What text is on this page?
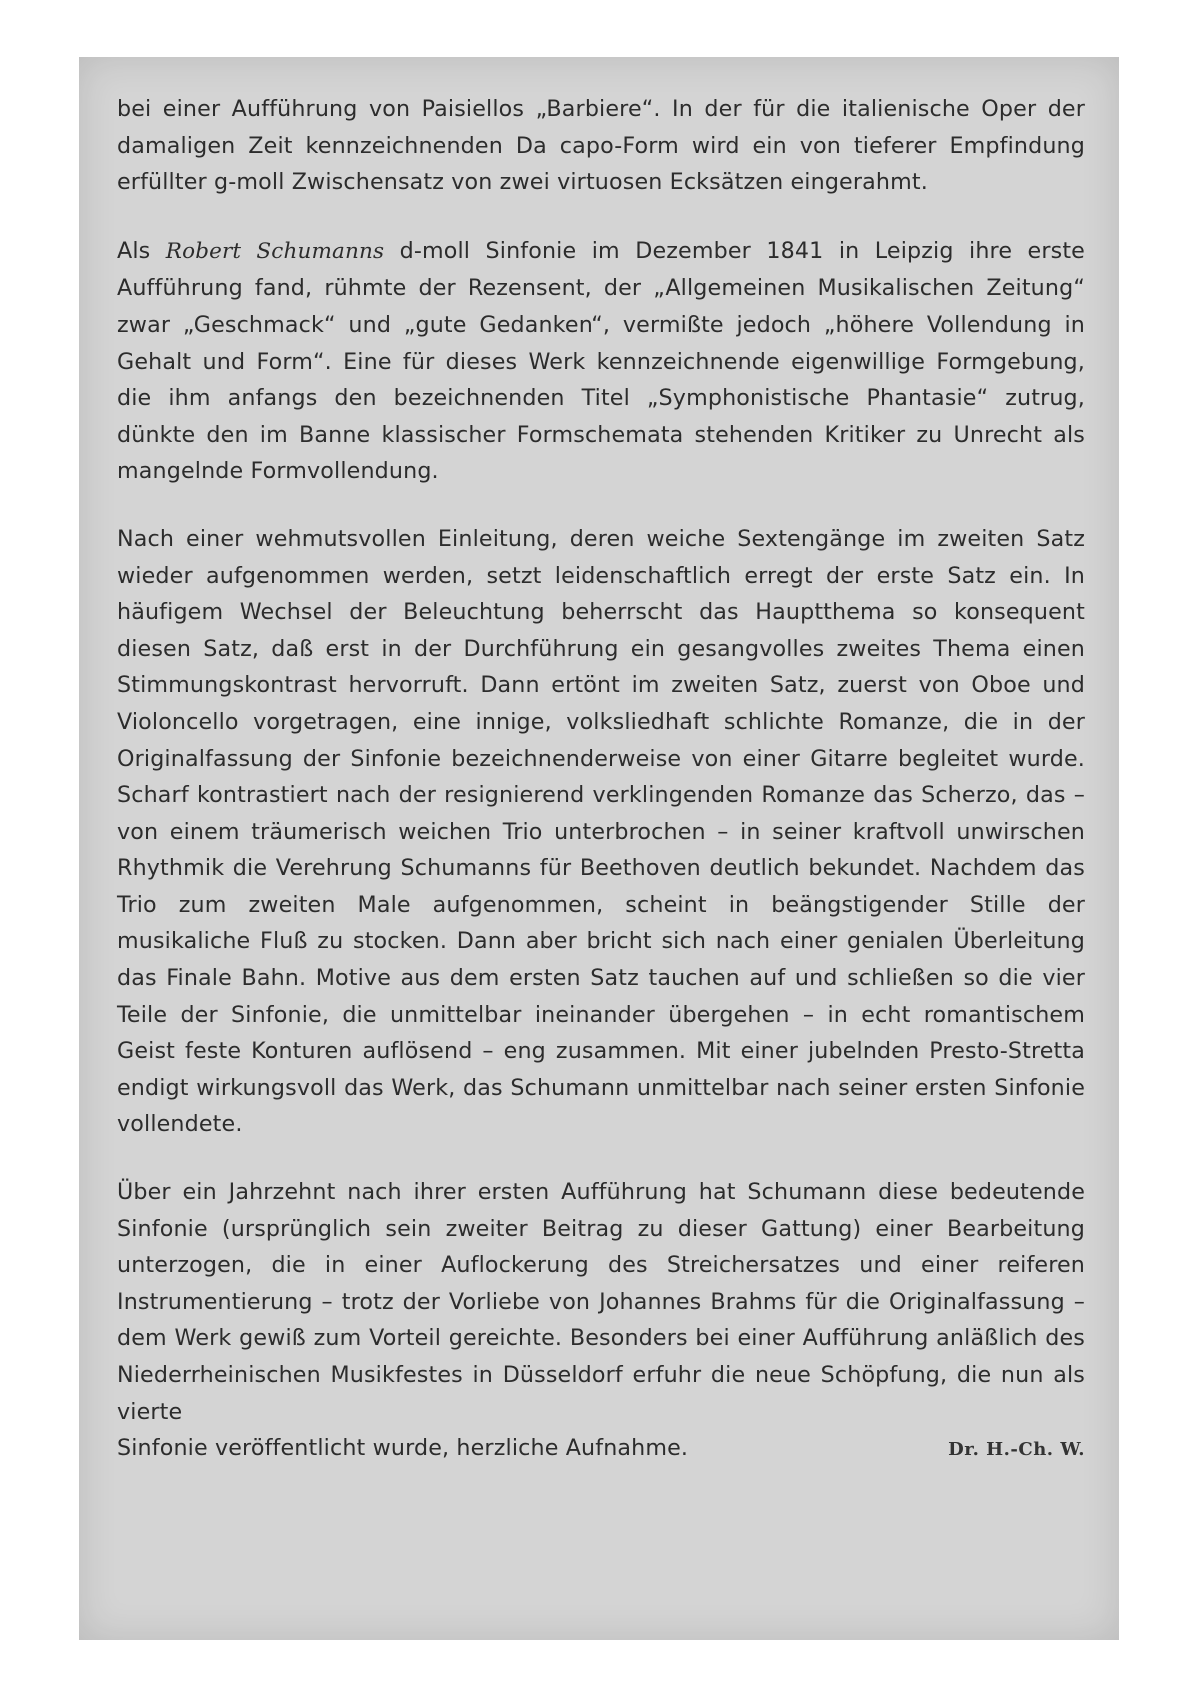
bei einer Aufführung von Paisiellos „Barbiere“. In der für die italienische Oper der damaligen Zeit kennzeichnenden Da capo-Form wird ein von tieferer Empfindung erfüllter g-moll Zwischensatz von zwei virtuosen Ecksätzen eingerahmt.

Als Robert Schumanns d-moll Sinfonie im Dezember 1841 in Leipzig ihre erste Aufführung fand, rühmte der Rezensent, der „Allgemeinen Musikalischen Zeitung“ zwar „Geschmack“ und „gute Gedanken“, vermißte jedoch „höhere Vollendung in Gehalt und Form“. Eine für dieses Werk kennzeichnende eigenwillige Formgebung, die ihm anfangs den bezeichnenden Titel „Symphonistische Phantasie“ zutrug, dünkte den im Banne klassischer Formschemata stehenden Kritiker zu Unrecht als mangelnde Formvollendung.

Nach einer wehmutsvollen Einleitung, deren weiche Sextengänge im zweiten Satz wieder aufgenommen werden, setzt leidenschaftlich erregt der erste Satz ein. In häufigem Wechsel der Beleuchtung beherrscht das Hauptthema so konsequent diesen Satz, daß erst in der Durchführung ein gesangvolles zweites Thema einen Stimmungskontrast hervorruft. Dann ertönt im zweiten Satz, zuerst von Oboe und Violoncello vorgetragen, eine innige, volksliedhaft schlichte Romanze, die in der Originalfassung der Sinfonie bezeichnenderweise von einer Gitarre begleitet wurde. Scharf kontrastiert nach der resignierend verklingenden Romanze das Scherzo, das – von einem träumerisch weichen Trio unterbrochen – in seiner kraftvoll unwirschen Rhythmik die Verehrung Schumanns für Beethoven deutlich bekundet. Nachdem das Trio zum zweiten Male aufgenommen, scheint in beängstigender Stille der musikaliche Fluß zu stocken. Dann aber bricht sich nach einer genialen Überleitung das Finale Bahn. Motive aus dem ersten Satz tauchen auf und schließen so die vier Teile der Sinfonie, die unmittelbar ineinander übergehen – in echt romantischem Geist feste Konturen auflösend – eng zusammen. Mit einer jubelnden Presto-Stretta endigt wirkungsvoll das Werk, das Schumann unmittelbar nach seiner ersten Sinfonie vollendete.

Über ein Jahrzehnt nach ihrer ersten Aufführung hat Schumann diese bedeutende Sinfonie (ursprünglich sein zweiter Beitrag zu dieser Gattung) einer Bearbeitung unterzogen, die in einer Auflockerung des Streichersatzes und einer reiferen Instrumentierung – trotz der Vorliebe von Johannes Brahms für die Originalfassung – dem Werk gewiß zum Vorteil gereichte. Besonders bei einer Aufführung anläßlich des Niederrheinischen Musikfestes in Düsseldorf erfuhr die neue Schöpfung, die nun als vierte
Sinfonie veröffentlicht wurde, herzliche Aufnahme.	Dr. H.-Ch. W.
